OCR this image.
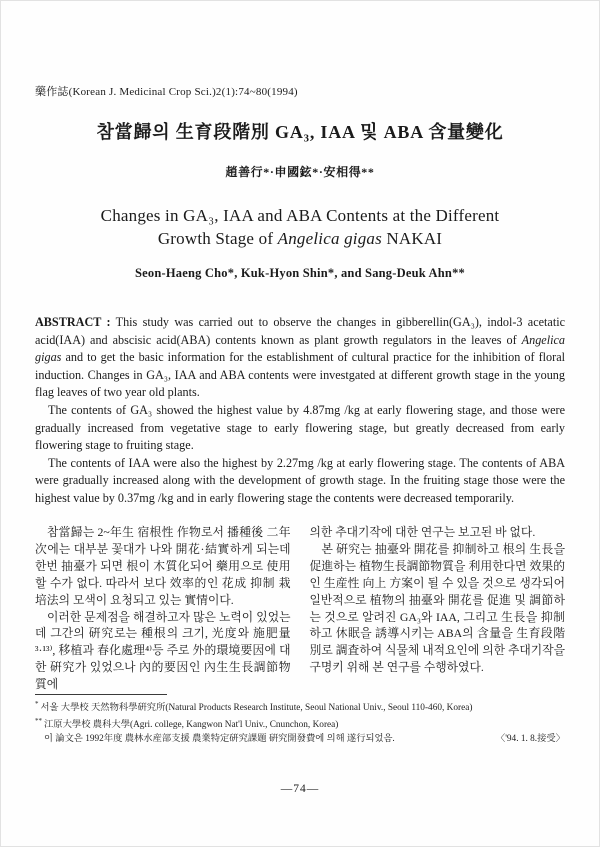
藥作誌(Korean J. Medicinal Crop Sci.)2(1):74~80(1994)
참當歸의 生育段階別 GA₃, IAA 및 ABA 含量變化
趙善行*·申國鉉*·安相得**
Changes in GA₃, IAA and ABA Contents at the Different
Growth Stage of Angelica gigas NAKAI
Seon-Haeng Cho*, Kuk-Hyon Shin*, and Sang-Deuk Ahn**

ABSTRACT : This study was carried out to observe the changes in gibberellin(GA₃), indol-3 acetatic acid(IAA) and abscisic acid(ABA) contents known as plant growth regulators in the leaves of Angelica gigas and to get the basic information for the establishment of cultural practice for the inhibition of floral induction. Changes in GA₃, IAA and ABA contents were investgated at different growth stage in the young flag leaves of two year old plants.

The contents of GA₃ showed the highest value by 4.87mg /kg at early flowering stage, and those were gradually increased from vegetative stage to early flowering stage, but greatly decreased from early flowering stage to fruiting stage.

The contents of IAA were also the highest by 2.27mg /kg at early flowering stage. The contents of ABA were gradually increased along with the development of growth stage. In the fruiting stage those were the highest value by 0.37mg /kg and in early flowering stage the contents were decreased temporarily.

참當歸는 2~年生 宿根性 作物로서 播種後 二年次에는 대부분 꽃대가 나와 開花·結實하게 되는데 한번 抽臺가 되면 根이 木質化되어 藥用으로 使用할 수가 없다. 따라서 보다 效率的인 花成 抑制 栽培法의 모색이 요청되고 있는 實情이다.

이러한 문제점을 해결하고자 많은 노력이 있었는데 그간의 硏究로는 種根의 크기, 光度와 施肥量³·¹³⁾, 移植과 春化處理⁴⁾등 주로 外的環境要因에 대한 硏究가 있었으나 內的要因인 內生生長調節物質에

의한 추대기작에 대한 연구는 보고된 바 없다.

본 硏究는 抽臺와 開花를 抑制하고 根의 生長을 促進하는 植物生長調節物質을 利用한다면 效果的인 生産性 向上 方案이 될 수 있을 것으로 생각되어 일반적으로 植物의 抽臺와 開花를 促進 및 調節하는 것으로 알려진 GA₃와 IAA, 그리고 生長을 抑制하고 休眠을 誘導시키는 ABA의 含量을 生育段階別로 調査하여 식물체 내적요인에 의한 추대기작을 구명키 위해 본 연구를 수행하였다.

* 서울 大學校 天然物科學硏究所(Natural Products Research Institute, Seoul National Univ., Seoul 110-460, Korea)
** 江原大學校 農科大學(Agri. college, Kangwon Nat'l Univ., Cnunchon, Korea)
이 論文은 1992年度 農林水産部支援 農業特定硏究課題 硏究開發費에 의해 遂行되었음.	〈'94. 1. 8.接受〉
—74—
